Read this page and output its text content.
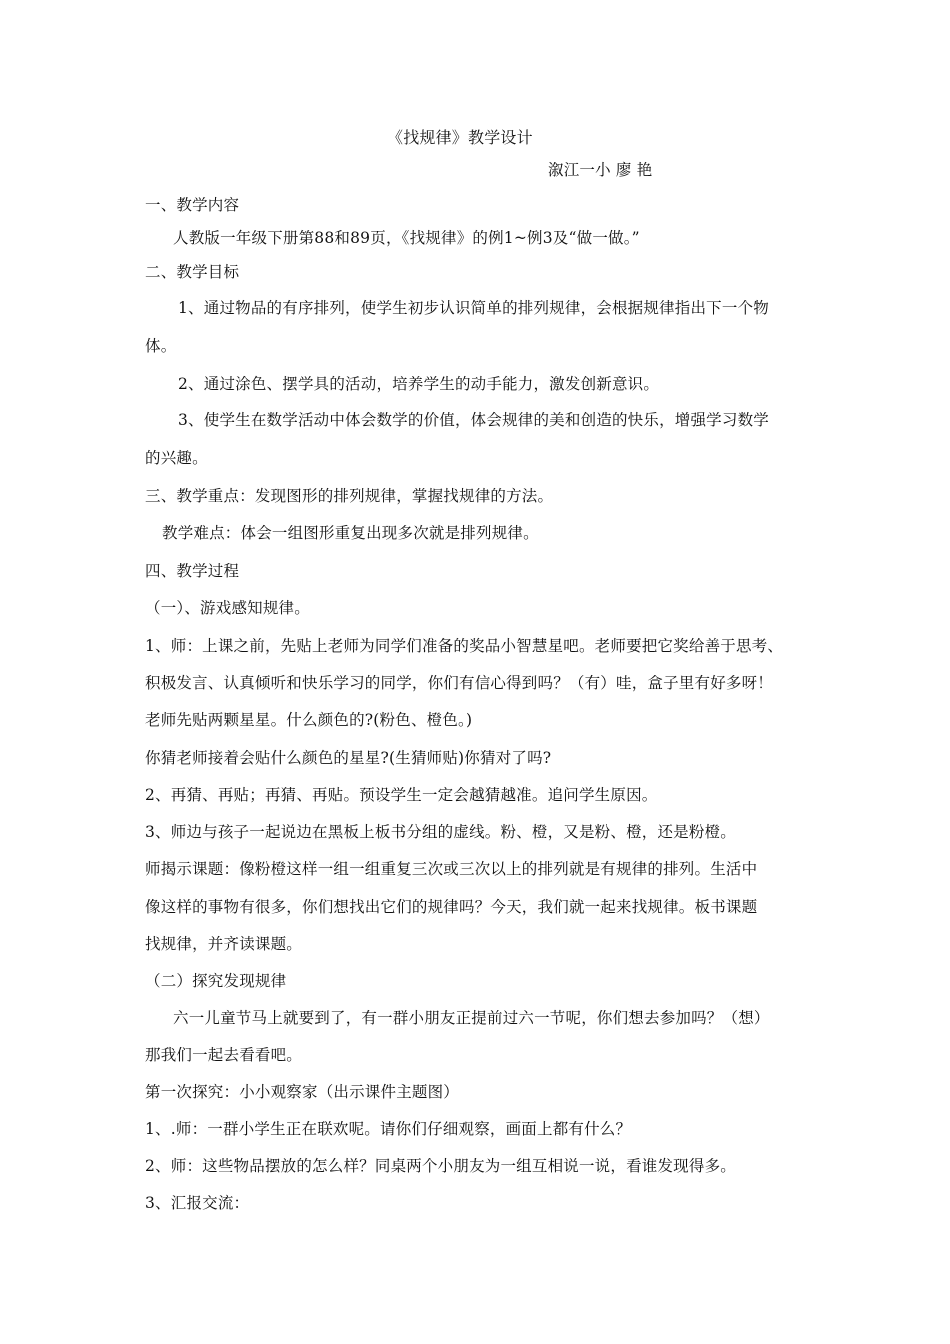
《找规律》教学设计
溆江一小 廖 艳
一、教学内容
人教版一年级下册第88和89页，《找规律》的例1~例3及“做一做。”
二、教学目标
1、通过物品的有序排列，使学生初步认识简单的排列规律，会根据规律指出下一个物
体。
2、通过涂色、摆学具的活动，培养学生的动手能力，激发创新意识。
3、使学生在数学活动中体会数学的价值，体会规律的美和创造的快乐，增强学习数学
的兴趣。
三、教学重点：发现图形的排列规律，掌握找规律的方法。
教学难点：体会一组图形重复出现多次就是排列规律。
四、教学过程
（一）、游戏感知规律。
1、师：上课之前，先贴上老师为同学们准备的奖品小智慧星吧。老师要把它奖给善于思考、
积极发言、认真倾听和快乐学习的同学，你们有信心得到吗？（有）哇，盒子里有好多呀！
老师先贴两颗星星。什么颜色的?(粉色、橙色。)
你猜老师接着会贴什么颜色的星星?(生猜师贴)你猜对了吗?
2、再猜、再贴；再猜、再贴。预设学生一定会越猜越准。追问学生原因。
3、师边与孩子一起说边在黑板上板书分组的虚线。粉、橙，又是粉、橙，还是粉橙。
师揭示课题：像粉橙这样一组一组重复三次或三次以上的排列就是有规律的排列。生活中
像这样的事物有很多，你们想找出它们的规律吗？今天，我们就一起来找规律。板书课题
找规律，并齐读课题。
（二）探究发现规律
六一儿童节马上就要到了，有一群小朋友正提前过六一节呢，你们想去参加吗？（想）
那我们一起去看看吧。
第一次探究：小小观察家（出示课件主题图）
1、.师：一群小学生正在联欢呢。请你们仔细观察，画面上都有什么？
2、师：这些物品摆放的怎么样？同桌两个小朋友为一组互相说一说，看谁发现得多。
3、汇报交流：
